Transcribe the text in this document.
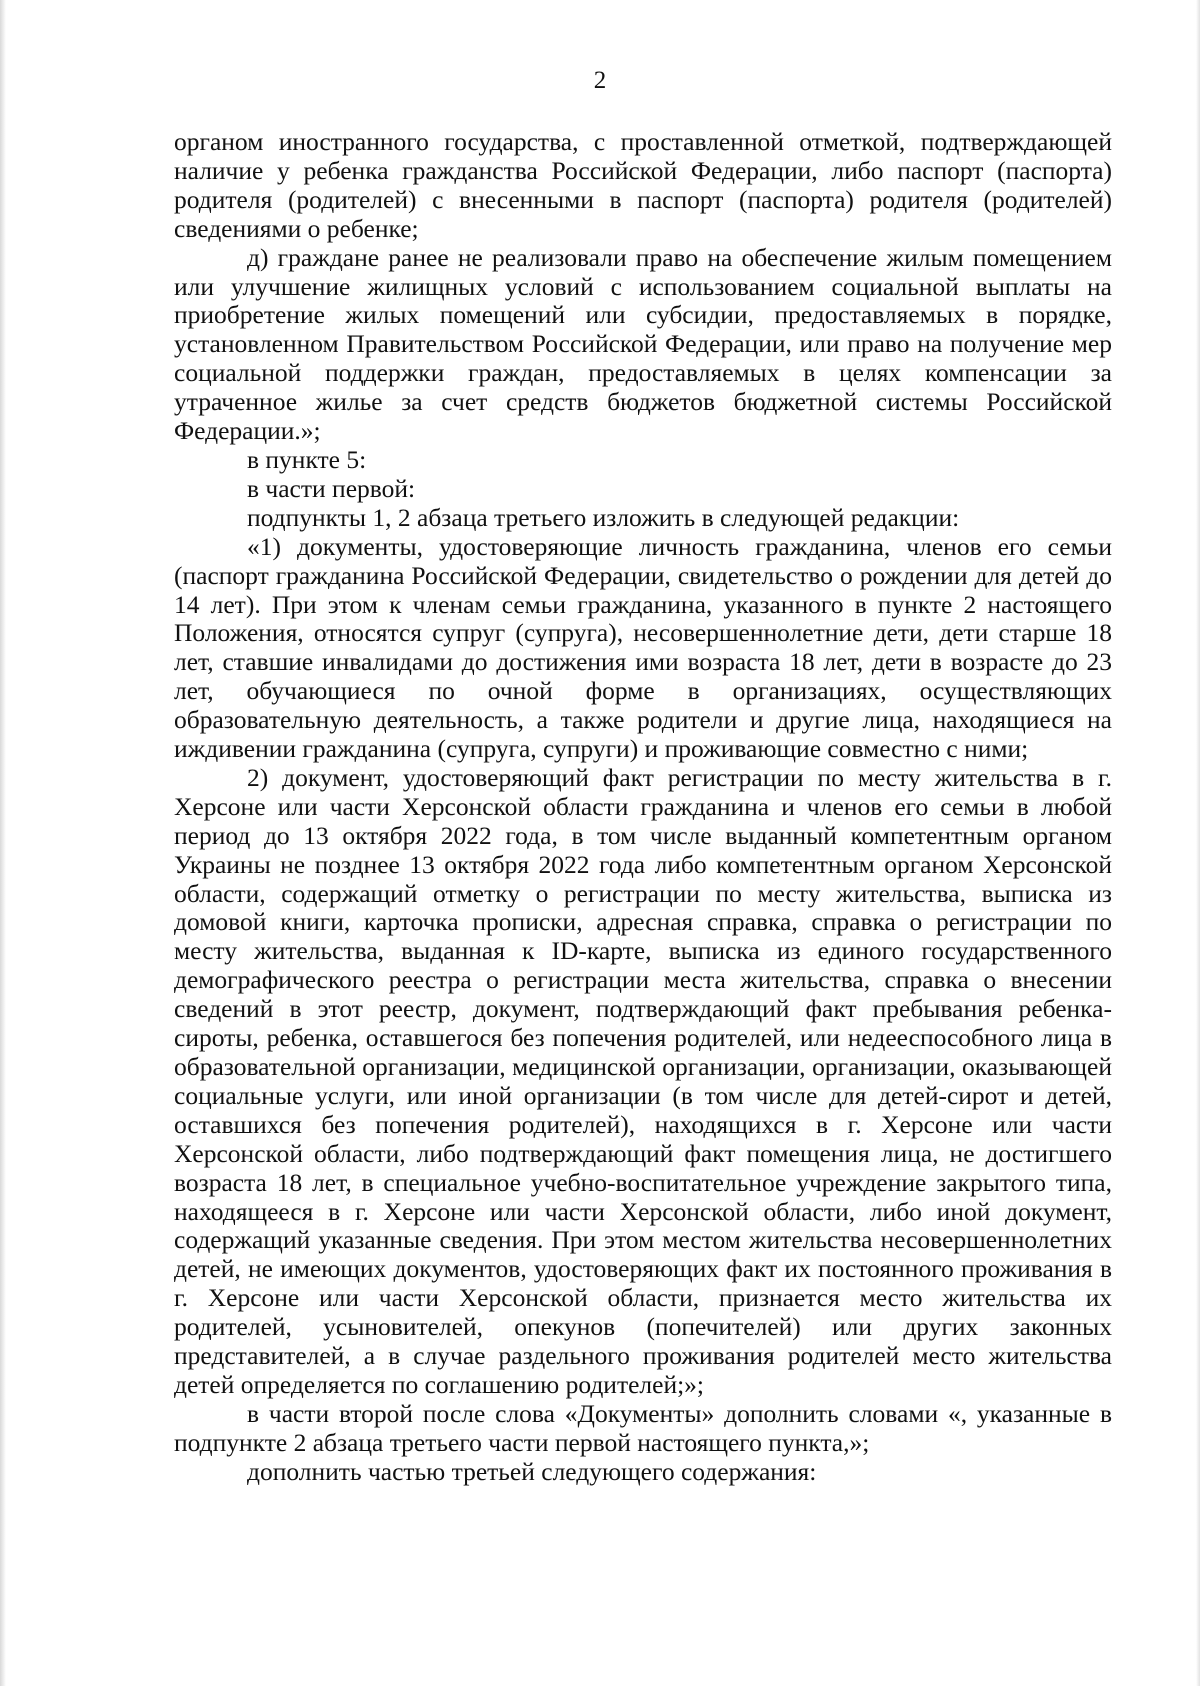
2

органом иностранного государства, с проставленной отметкой, подтверждающей наличие у ребенка гражданства Российской Федерации, либо паспорт (паспорта) родителя (родителей) с внесенными в паспорт (паспорта) родителя (родителей) сведениями о ребенке;

д) граждане ранее не реализовали право на обеспечение жилым помещением или улучшение жилищных условий с использованием социальной выплаты на приобретение жилых помещений или субсидии, предоставляемых в порядке, установленном Правительством Российской Федерации, или право на получение мер социальной поддержки граждан, предоставляемых в целях компенсации за утраченное жилье за счет средств бюджетов бюджетной системы Российской Федерации.»;

в пункте 5:

в части первой:

подпункты 1, 2 абзаца третьего изложить в следующей редакции:

«1) документы, удостоверяющие личность гражданина, членов его семьи (паспорт гражданина Российской Федерации, свидетельство о рождении для детей до 14 лет). При этом к членам семьи гражданина, указанного в пункте 2 настоящего Положения, относятся супруг (супруга), несовершеннолетние дети, дети старше 18 лет, ставшие инвалидами до достижения ими возраста 18 лет, дети в возрасте до 23 лет, обучающиеся по очной форме в организациях, осуществляющих образовательную деятельность, а также родители и другие лица, находящиеся на иждивении гражданина (супруга, супруги) и проживающие совместно с ними;

2) документ, удостоверяющий факт регистрации по месту жительства в г. Херсоне или части Херсонской области гражданина и членов его семьи в любой период до 13 октября 2022 года, в том числе выданный компетентным органом Украины не позднее 13 октября 2022 года либо компетентным органом Херсонской области, содержащий отметку о регистрации по месту жительства, выписка из домовой книги, карточка прописки, адресная справка, справка о регистрации по месту жительства, выданная к ID-карте, выписка из единого государственного демографического реестра о регистрации места жительства, справка о внесении сведений в этот реестр, документ, подтверждающий факт пребывания ребенка-сироты, ребенка, оставшегося без попечения родителей, или недееспособного лица в образовательной организации, медицинской организации, организации, оказывающей социальные услуги, или иной организации (в том числе для детей-сирот и детей, оставшихся без попечения родителей), находящихся в г. Херсоне или части Херсонской области, либо подтверждающий факт помещения лица, не достигшего возраста 18 лет, в специальное учебно-воспитательное учреждение закрытого типа, находящееся в г. Херсоне или части Херсонской области, либо иной документ, содержащий указанные сведения. При этом местом жительства несовершеннолетних детей, не имеющих документов, удостоверяющих факт их постоянного проживания в г. Херсоне или части Херсонской области, признается место жительства их родителей, усыновителей, опекунов (попечителей) или других законных представителей, а в случае раздельного проживания родителей место жительства детей определяется по соглашению родителей;»;

в части второй после слова «Документы» дополнить словами «, указанные в подпункте 2 абзаца третьего части первой настоящего пункта,»;

дополнить частью третьей следующего содержания:
